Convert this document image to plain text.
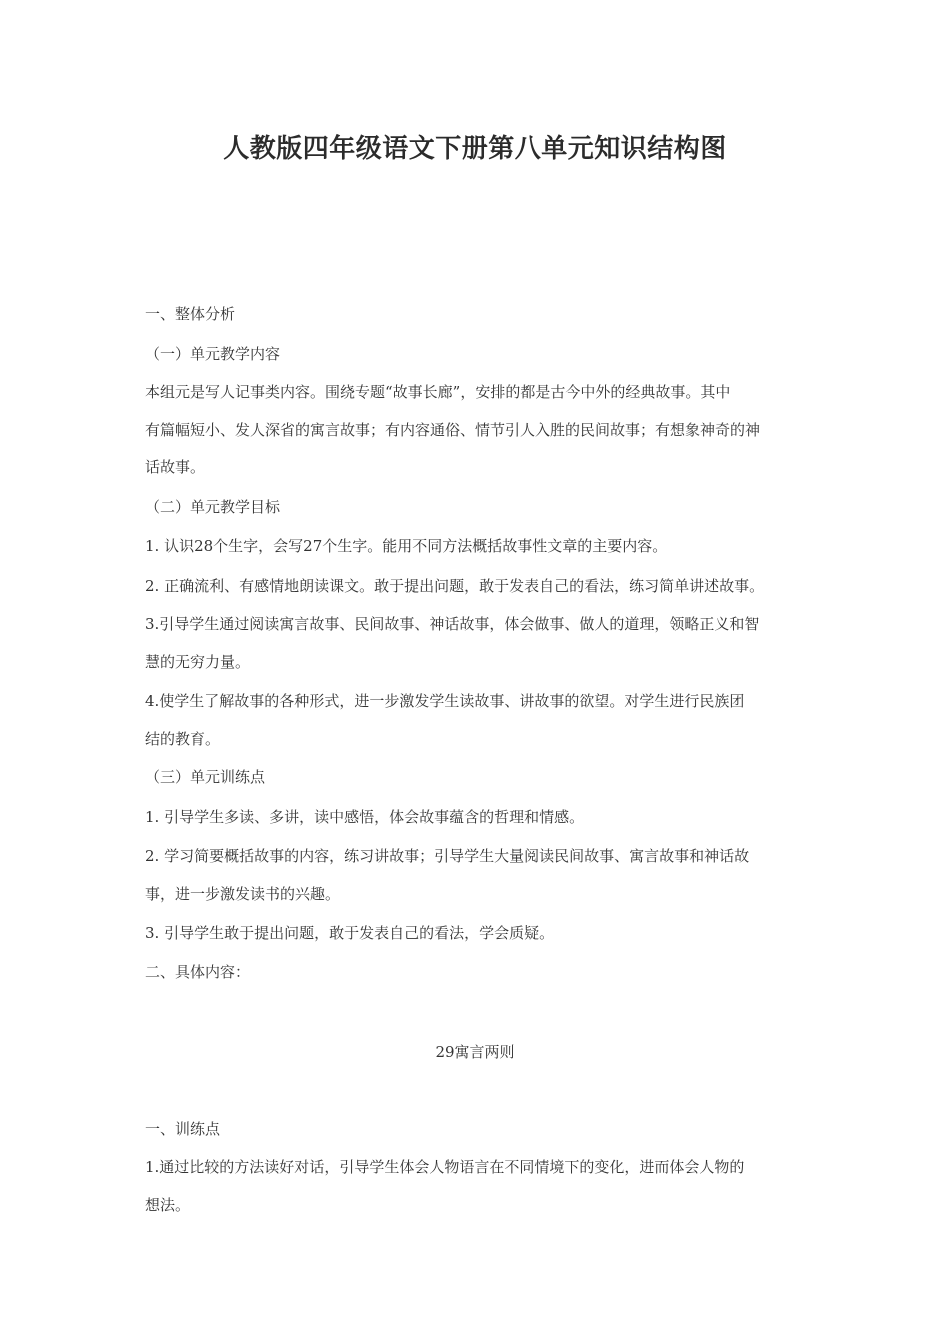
人教版四年级语文下册第八单元知识结构图
一、整体分析
（一）单元教学内容
本组元是写人记事类内容。围绕专题“故事长廊”，安排的都是古今中外的经典故事。其中
有篇幅短小、发人深省的寓言故事；有内容通俗、情节引人入胜的民间故事；有想象神奇的神
话故事。
（二）单元教学目标
1. 认识28个生字，会写27个生字。能用不同方法概括故事性文章的主要内容。
2. 正确流利、有感情地朗读课文。敢于提出问题，敢于发表自己的看法，练习简单讲述故事。
3.引导学生通过阅读寓言故事、民间故事、神话故事，体会做事、做人的道理，领略正义和智
慧的无穷力量。
4.使学生了解故事的各种形式，进一步激发学生读故事、讲故事的欲望。对学生进行民族团
结的教育。
（三）单元训练点
1. 引导学生多读、多讲，读中感悟，体会故事蕴含的哲理和情感。
2. 学习简要概括故事的内容，练习讲故事；引导学生大量阅读民间故事、寓言故事和神话故
事，进一步激发读书的兴趣。
3. 引导学生敢于提出问题，敢于发表自己的看法，学会质疑。
二、具体内容：
29寓言两则
一、训练点
1.通过比较的方法读好对话，引导学生体会人物语言在不同情境下的变化，进而体会人物的
想法。
